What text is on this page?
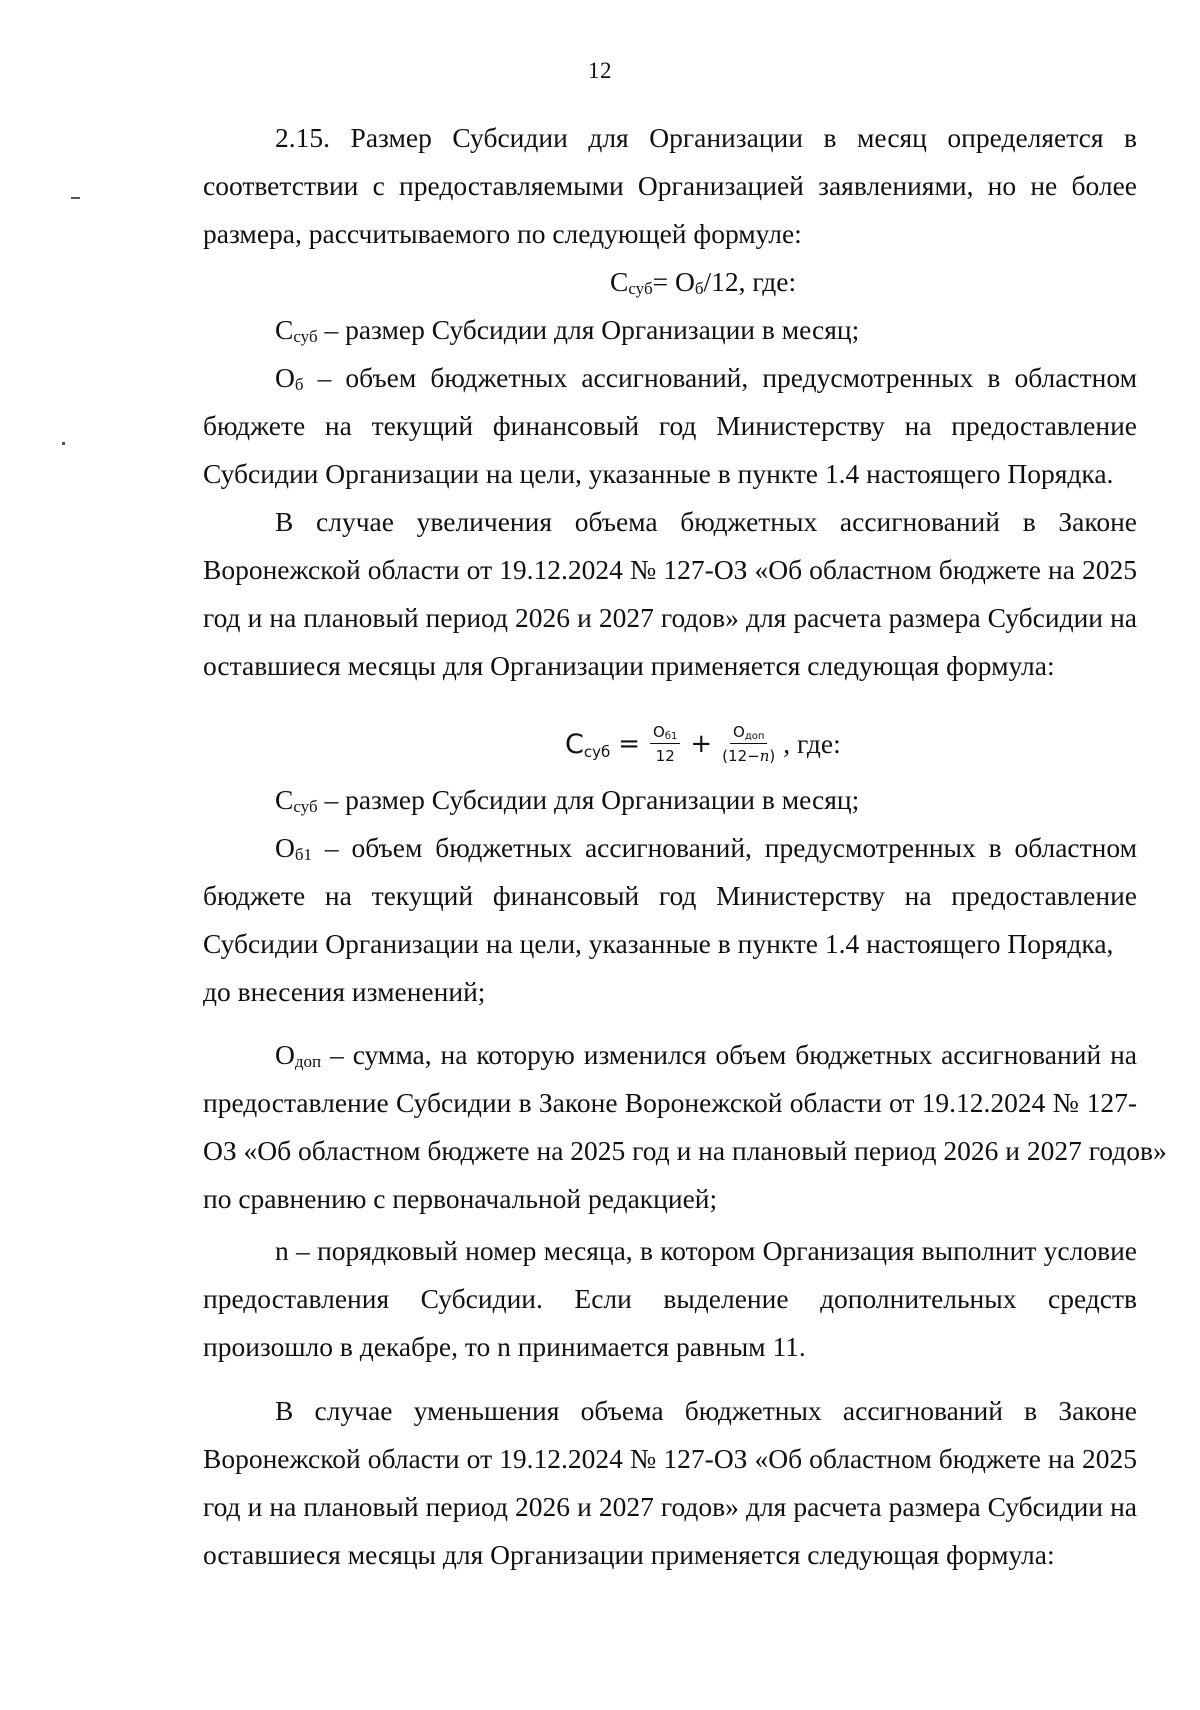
12
2.15. Размер Субсидии для Организации в месяц определяется в
соответствии с предоставляемыми Организацией заявлениями, но не более
размера, рассчитываемого по следующей формуле:
$С_{суб}= О_б/12$, где:
$С_{суб}$ – размер Субсидии для Организации в месяц;
$О_б$ – объем бюджетных ассигнований, предусмотренных в областном
бюджете на текущий финансовый год Министерству на предоставление
Субсидии Организации на цели, указанные в пункте 1.4 настоящего Порядка.
В случае увеличения объема бюджетных ассигнований в Законе
Воронежской области от 19.12.2024 № 127-ОЗ «Об областном бюджете на 2025
год и на плановый период 2026 и 2027 годов» для расчета размера Субсидии на
оставшиеся месяцы для Организации применяется следующая формула:
$С_{суб} = \frac{О_{б1}}{12} + \frac{О_{доп}}{(12-n)}$ , где:
$С_{суб}$ – размер Субсидии для Организации в месяц;
$О_{б1}$ – объем бюджетных ассигнований, предусмотренных в областном
бюджете на текущий финансовый год Министерству на предоставление
Субсидии Организации на цели, указанные в пункте 1.4 настоящего Порядка,
до внесения изменений;
$О_{доп}$ – сумма, на которую изменился объем бюджетных ассигнований на
предоставление Субсидии в Законе Воронежской области от 19.12.2024 № 127-
ОЗ «Об областном бюджете на 2025 год и на плановый период 2026 и 2027 годов»
по сравнению с первоначальной редакцией;
n – порядковый номер месяца, в котором Организация выполнит условие
предоставления Субсидии. Если выделение дополнительных средств
произошло в декабре, то n принимается равным 11.
В случае уменьшения объема бюджетных ассигнований в Законе
Воронежской области от 19.12.2024 № 127-ОЗ «Об областном бюджете на 2025
год и на плановый период 2026 и 2027 годов» для расчета размера Субсидии на
оставшиеся месяцы для Организации применяется следующая формула:
